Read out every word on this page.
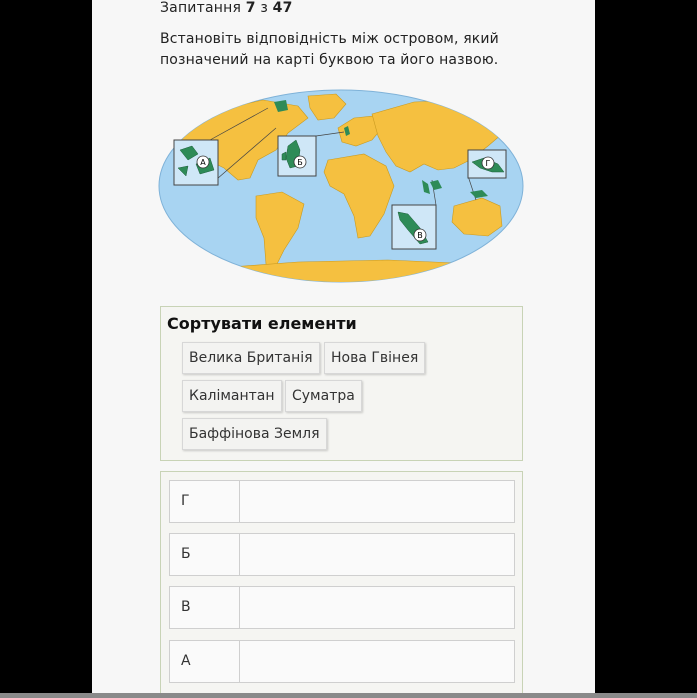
Запитання 7 з 47
Встановіть відповідність між островом, який позначений на карті буквою та його назвою.
А	Б
В
Г
Сортувати елементи
Велика Британія	Нова Гвінея
Калімантан	Суматра
Баффінова Земля
Г
Б
В
А
